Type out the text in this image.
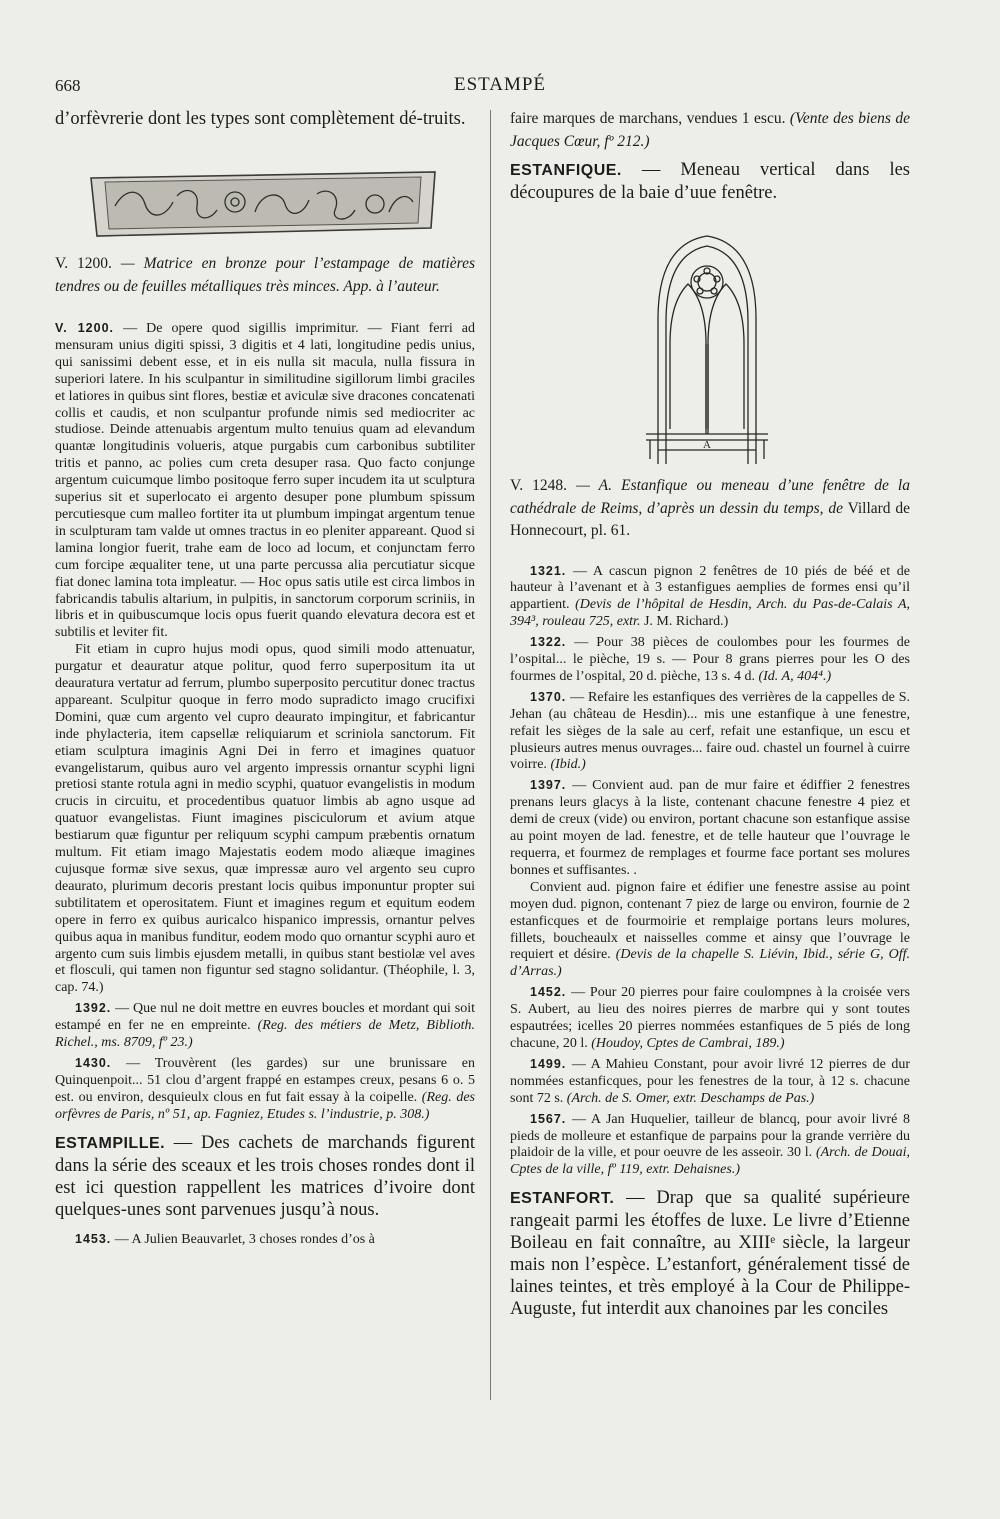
668	ESTAMPÉ

d’orfèvrerie dont les types sont complètement dé-truits.

V. 1200. — Matrice en bronze pour l’estampage de matières tendres ou de feuilles métalliques très minces. App. à l’auteur.

V. 1200. — De opere quod sigillis imprimitur. — Fiant ferri ad mensuram unius digiti spissi, 3 digitis et 4 lati, longitudine pedis unius, qui sanissimi debent esse, et in eis nulla sit macula, nulla fissura in superiori latere. In his sculpantur in similitudine sigillorum limbi graciles et latiores in quibus sint flores, bestiæ et aviculæ sive dracones concatenati collis et caudis, et non sculpantur profunde nimis sed mediocriter ac studiose. Deinde attenuabis argentum multo tenuius quam ad elevandum quantæ longitudinis volueris, atque purgabis cum carbonibus subtiliter tritis et panno, ac polies cum creta desuper rasa. Quo facto conjunge argentum cuicumque limbo positoque ferro super incudem ita ut sculptura superius sit et superlocato ei argento desuper pone plumbum spissum percutiesque cum malleo fortiter ita ut plumbum impingat argentum tenue in sculpturam tam valde ut omnes tractus in eo pleniter appareant. Quod si lamina longior fuerit, trahe eam de loco ad locum, et conjunctam ferro cum forcipe æqualiter tene, ut una parte percussa alia percutiatur sicque fiat donec lamina tota impleatur. — Hoc opus satis utile est circa limbos in fabricandis tabulis altarium, in pulpitis, in sanctorum corporum scriniis, in libris et in quibuscumque locis opus fuerit quando elevatura decora est et subtilis et leviter fit.

Fit etiam in cupro hujus modi opus, quod simili modo attenuatur, purgatur et deauratur atque politur, quod ferro superpositum ita ut deauratura vertatur ad ferrum, plumbo superposito percutitur donec tractus appareant. Sculpitur quoque in ferro modo supradicto imago crucifixi Domini, quæ cum argento vel cupro deaurato impingitur, et fabricantur inde phylacteria, item capsellæ reliquiarum et scriniola sanctorum. Fit etiam sculptura imaginis Agni Dei in ferro et imagines quatuor evangelistarum, quibus auro vel argento impressis ornantur scyphi ligni pretiosi stante rotula agni in medio scyphi, quatuor evangelistis in modum crucis in circuitu, et procedentibus quatuor limbis ab agno usque ad quatuor evangelistas. Fiunt imagines pisciculorum et avium atque bestiarum quæ figuntur per reliquum scyphi campum præbentis ornatum multum. Fit etiam imago Majestatis eodem modo aliæque imagines cujusque formæ sive sexus, quæ impressæ auro vel argento seu cupro deaurato, plurimum decoris prestant locis quibus imponuntur propter sui subtilitatem et operositatem. Fiunt et imagines regum et equitum eodem opere in ferro ex quibus auricalco hispanico impressis, ornantur pelves quibus aqua in manibus funditur, eodem modo quo ornantur scyphi auro et argento cum suis limbis ejusdem metalli, in quibus stant bestiolæ vel aves et flosculi, qui tamen non figuntur sed stagno solidantur. (Théophile, l. 3, cap. 74.)

1392. — Que nul ne doit mettre en euvres boucles et mordant qui soit estampé en fer ne en empreinte. (Reg. des métiers de Metz, Biblioth. Richel., ms. 8709, fº 23.)

1430. — Trouvèrent (les gardes) sur une brunissare en Quinquenpoit... 51 clou d’argent frappé en estampes creux, pesans 6 o. 5 est. ou environ, desquieulx clous en fut fait essay à la coipelle. (Reg. des orfèvres de Paris, nº 51, ap. Fagniez, Etudes s. l’industrie, p. 308.)

ESTAMPILLE. — Des cachets de marchands figurent dans la série des sceaux et les trois choses rondes dont il est ici question rappellent les matrices d’ivoire dont quelques-unes sont parvenues jusqu’à nous.

1453. — A Julien Beauvarlet, 3 choses rondes d’os à

faire marques de marchans, vendues 1 escu. (Vente des biens de Jacques Cœur, fº 212.)

ESTANFIQUE. — Meneau vertical dans les découpures de la baie d’uue fenêtre.

A

V. 1248. — A. Estanfique ou meneau d’une fenêtre de la cathédrale de Reims, d’après un dessin du temps, de Villard de Honnecourt, pl. 61.

1321. — A cascun pignon 2 fenêtres de 10 piés de béé et de hauteur à l’avenant et à 3 estanfigues aemplies de formes ensi qu’il appartient. (Devis de l’hôpital de Hesdin, Arch. du Pas-de-Calais A, 394³, rouleau 725, extr. J. M. Richard.)

1322. — Pour 38 pièces de coulombes pour les fourmes de l’ospital... le pièche, 19 s. — Pour 8 grans pierres pour les O des fourmes de l’ospital, 20 d. pièche, 13 s. 4 d. (Id. A, 404⁴.)

1370. — Refaire les estanfiques des verrières de la cappelles de S. Jehan (au château de Hesdin)... mis une estanfique à une fenestre, refait les sièges de la sale au cerf, refait une estanfique, un escu et plusieurs autres menus ouvrages... faire oud. chastel un fournel à cuirre voirre. (Ibid.)

1397. — Convient aud. pan de mur faire et édiffier 2 fenestres prenans leurs glacys à la liste, contenant chacune fenestre 4 piez et demi de creux (vide) ou environ, portant chacune son estanfique assise au point moyen de lad. fenestre, et de telle hauteur que l’ouvrage le requerra, et fourmez de remplages et fourme face portant ses molures bonnes et suffisantes. .

Convient aud. pignon faire et édifier une fenestre assise au point moyen dud. pignon, contenant 7 piez de large ou environ, fournie de 2 estanficques et de fourmoirie et remplaige portans leurs molures, fillets, boucheaulx et naisselles comme et ainsy que l’ouvrage le requiert et désire. (Devis de la chapelle S. Liévin, Ibid., série G, Off. d’Arras.)

1452. — Pour 20 pierres pour faire coulompnes à la croisée vers S. Aubert, au lieu des noires pierres de marbre qui y sont toutes espautrées; icelles 20 pierres nommées estanfiques de 5 piés de long chacune, 20 l. (Houdoy, Cptes de Cambrai, 189.)

1499. — A Mahieu Constant, pour avoir livré 12 pierres de dur nommées estanficques, pour les fenestres de la tour, à 12 s. chacune sont 72 s. (Arch. de S. Omer, extr. Deschamps de Pas.)

1567. — A Jan Huquelier, tailleur de blancq, pour avoir livré 8 pieds de molleure et estanfique de parpains pour la grande verrière du plaidoir de la ville, et pour oeuvre de les asseoir. 30 l. (Arch. de Douai, Cptes de la ville, fº 119, extr. Dehaisnes.)

ESTANFORT. — Drap que sa qualité supérieure rangeait parmi les étoffes de luxe. Le livre d’Etienne Boileau en fait connaître, au XIIIᵉ siècle, la largeur mais non l’espèce. L’estanfort, généralement tissé de laines teintes, et très employé à la Cour de Philippe-Auguste, fut interdit aux chanoines par les conciles
